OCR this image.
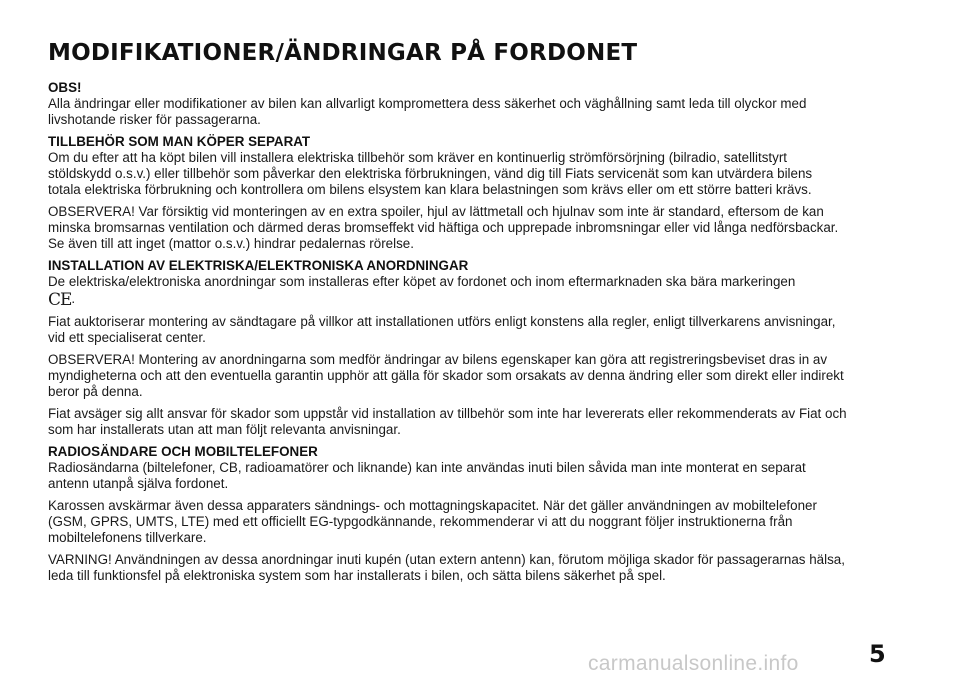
MODIFIKATIONER/ÄNDRINGAR PÅ FORDONET
OBS!

Alla ändringar eller modifikationer av bilen kan allvarligt kompromettera dess säkerhet och väghållning samt leda till olyckor med livshotande risker för passagerarna.

TILLBEHÖR SOM MAN KÖPER SEPARAT

Om du efter att ha köpt bilen vill installera elektriska tillbehör som kräver en kontinuerlig strömförsörjning (bilradio, satellitstyrt stöldskydd o.s.v.) eller tillbehör som påverkar den elektriska förbrukningen, vänd dig till Fiats servicenät som kan utvärdera bilens totala elektriska förbrukning och kontrollera om bilens elsystem kan klara belastningen som krävs eller om ett större batteri krävs.

OBSERVERA! Var försiktig vid monteringen av en extra spoiler, hjul av lättmetall och hjulnav som inte är standard, eftersom de kan minska bromsarnas ventilation och därmed deras bromseffekt vid häftiga och upprepade inbromsningar eller vid långa nedförsbackar. Se även till att inget (mattor o.s.v.) hindrar pedalernas rörelse.

INSTALLATION AV ELEKTRISKA/ELEKTRONISKA ANORDNINGAR

De elektriska/elektroniska anordningar som installeras efter köpet av fordonet och inom eftermarknaden ska bära markeringen
CE.

Fiat auktoriserar montering av sändtagare på villkor att installationen utförs enligt konstens alla regler, enligt tillverkarens anvisningar, vid ett specialiserat center.

OBSERVERA! Montering av anordningarna som medför ändringar av bilens egenskaper kan göra att registreringsbeviset dras in av myndigheterna och att den eventuella garantin upphör att gälla för skador som orsakats av denna ändring eller som direkt eller indirekt beror på denna.

Fiat avsäger sig allt ansvar för skador som uppstår vid installation av tillbehör som inte har levererats eller rekommenderats av Fiat och som har installerats utan att man följt relevanta anvisningar.

RADIOSÄNDARE OCH MOBILTELEFONER

Radiosändarna (biltelefoner, CB, radioamatörer och liknande) kan inte användas inuti bilen såvida man inte monterat en separat antenn utanpå själva fordonet.

Karossen avskärmar även dessa apparaters sändnings- och mottagningskapacitet. När det gäller användningen av mobiltelefoner (GSM, GPRS, UMTS, LTE) med ett officiellt EG-typgodkännande, rekommenderar vi att du noggrant följer instruktionerna från mobiltelefonens tillverkare.

VARNING! Användningen av dessa anordningar inuti kupén (utan extern antenn) kan, förutom möjliga skador för passagerarnas hälsa, leda till funktionsfel på elektroniska system som har installerats i bilen, och sätta bilens säkerhet på spel.

5
carmanualsonline.info
